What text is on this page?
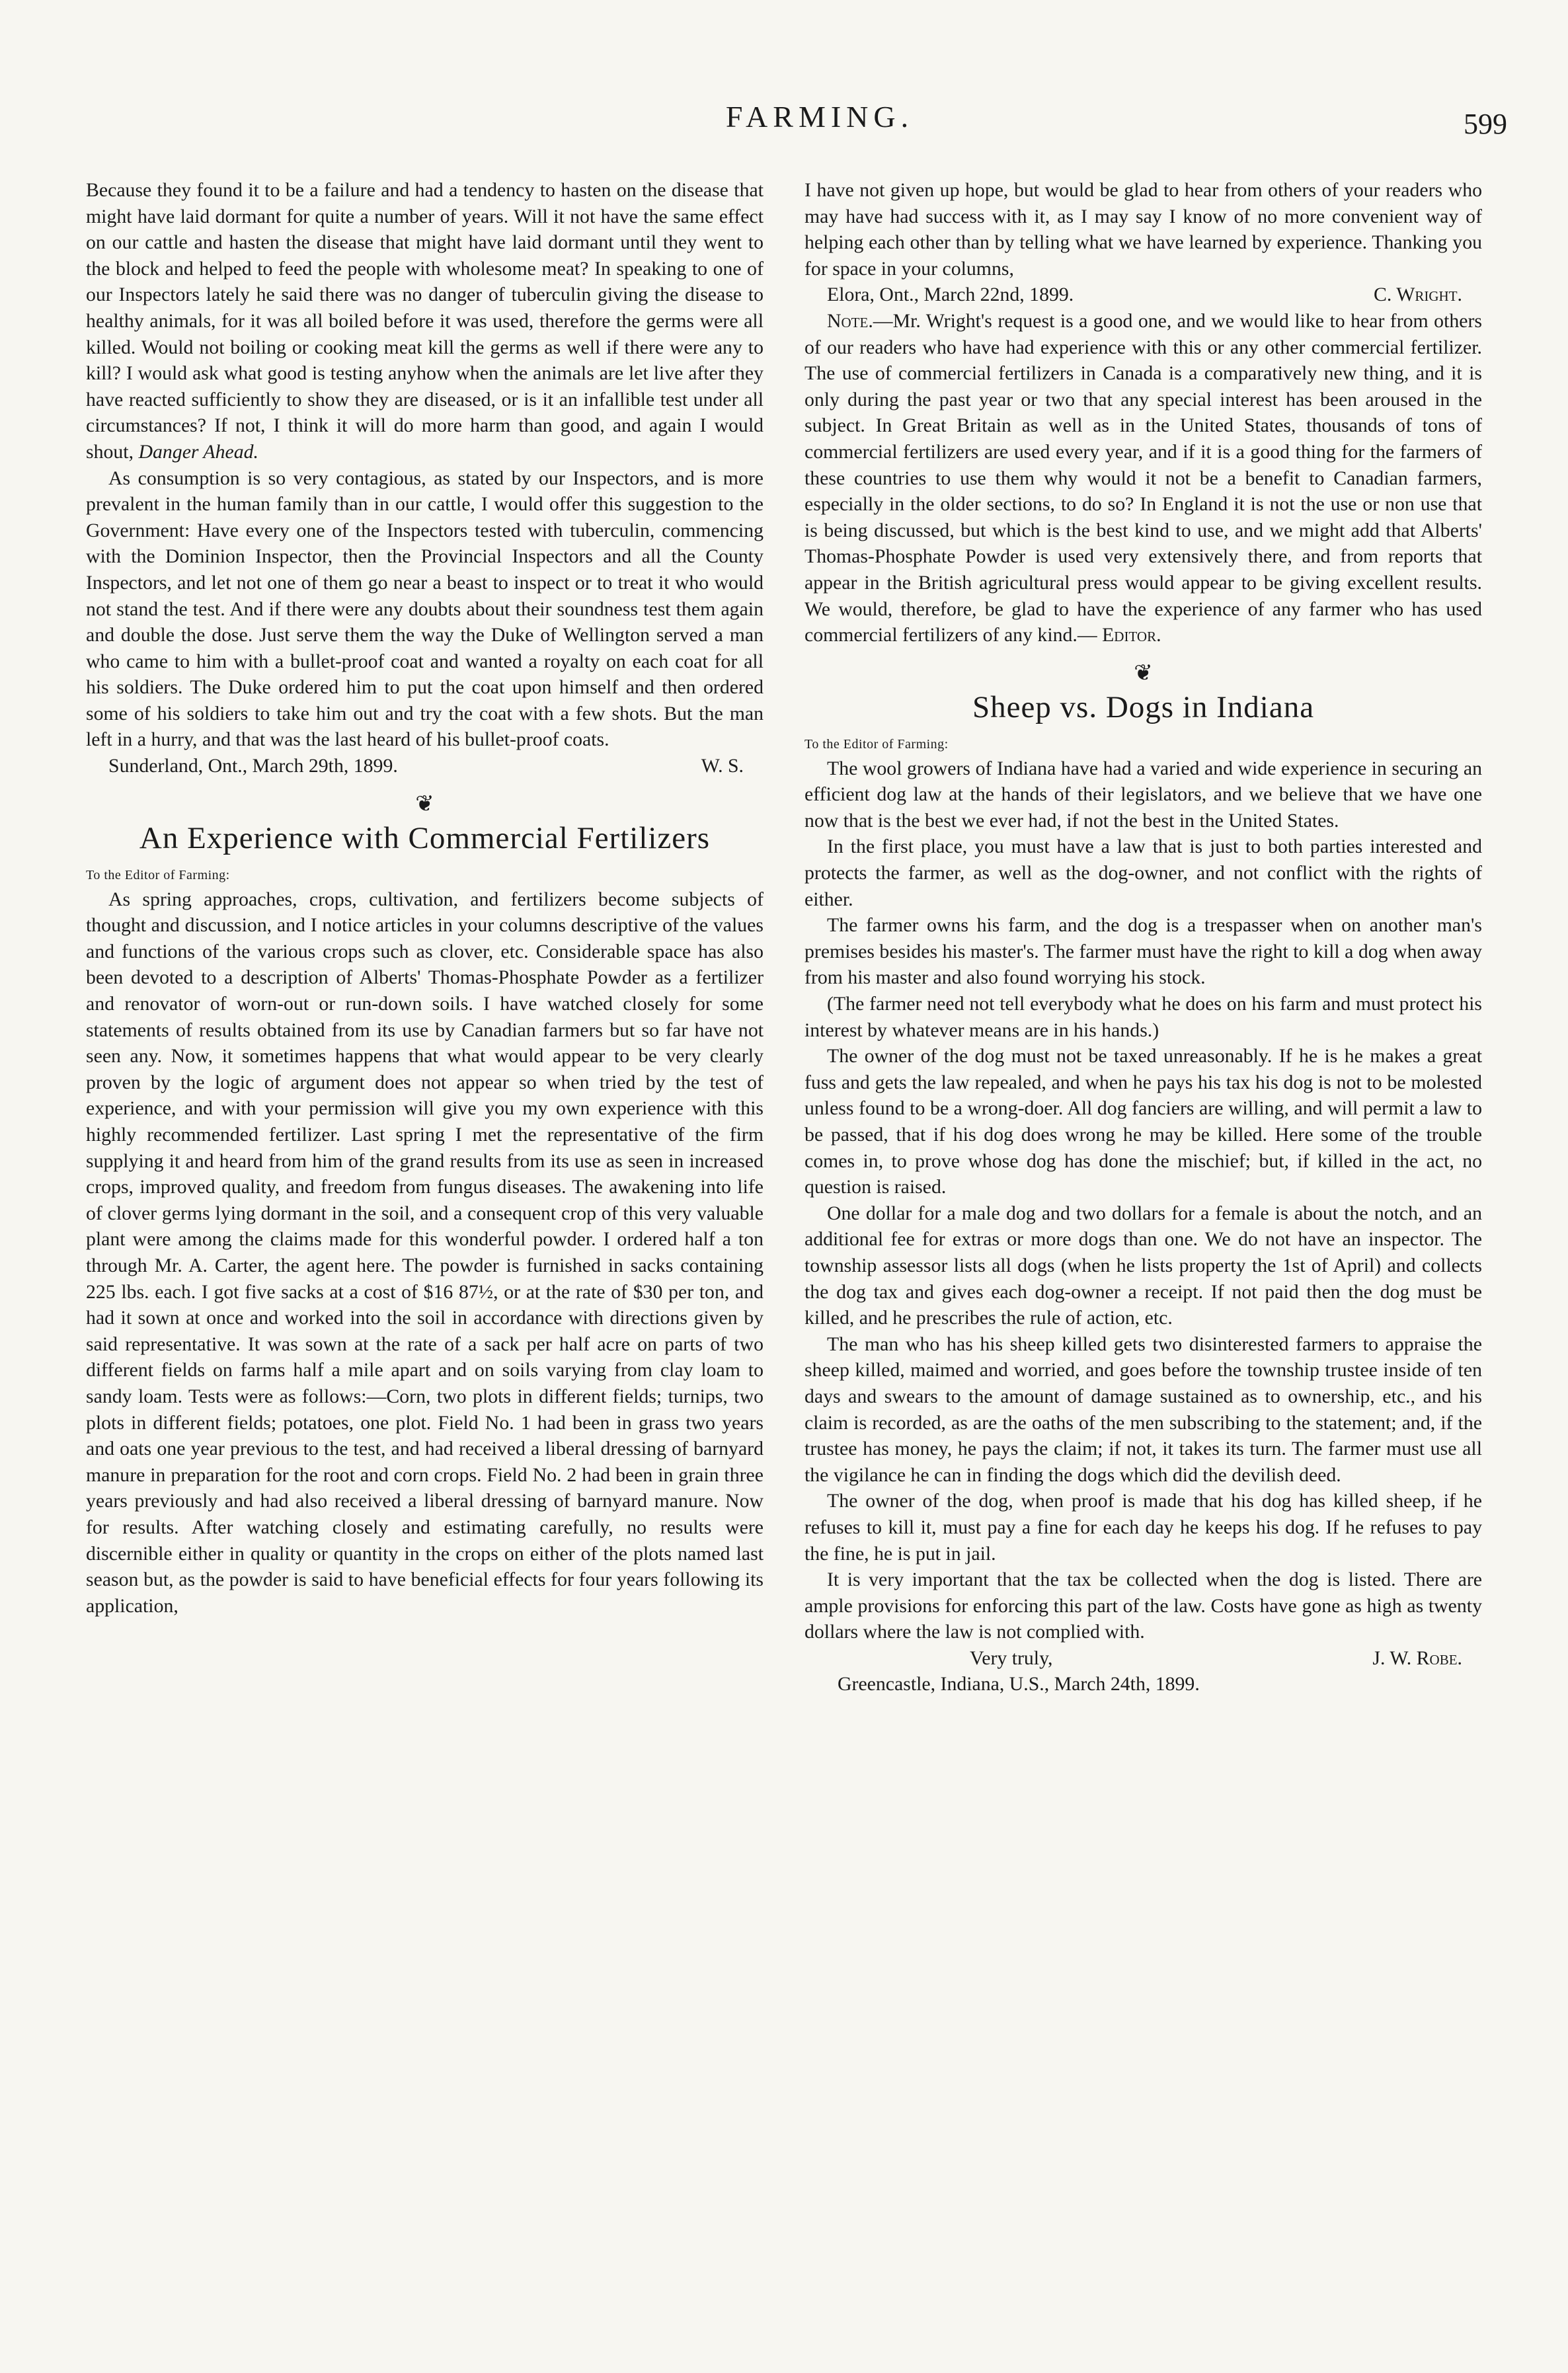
FARMING.	599

Because they found it to be a failure and had a tendency to hasten on the disease that might have laid dormant for quite a number of years. Will it not have the same effect on our cattle and hasten the disease that might have laid dormant until they went to the block and helped to feed the people with wholesome meat? In speaking to one of our Inspectors lately he said there was no danger of tuberculin giving the disease to healthy animals, for it was all boiled before it was used, therefore the germs were all killed. Would not boiling or cooking meat kill the germs as well if there were any to kill? I would ask what good is testing anyhow when the animals are let live after they have reacted sufficiently to show they are diseased, or is it an infallible test under all circumstances? If not, I think it will do more harm than good, and again I would shout, Danger Ahead.

As consumption is so very contagious, as stated by our Inspectors, and is more prevalent in the human family than in our cattle, I would offer this suggestion to the Government: Have every one of the Inspectors tested with tuberculin, commencing with the Dominion Inspector, then the Provincial Inspectors and all the County Inspectors, and let not one of them go near a beast to inspect or to treat it who would not stand the test. And if there were any doubts about their soundness test them again and double the dose. Just serve them the way the Duke of Wellington served a man who came to him with a bullet-proof coat and wanted a royalty on each coat for all his soldiers. The Duke ordered him to put the coat upon himself and then ordered some of his soldiers to take him out and try the coat with a few shots. But the man left in a hurry, and that was the last heard of his bullet-proof coats.

Sunderland, Ont., March 29th, 1899.	W. S.
❦
An Experience with Commercial Fertilizers
To the Editor of Farming:

As spring approaches, crops, cultivation, and fertilizers become subjects of thought and discussion, and I notice articles in your columns descriptive of the values and functions of the various crops such as clover, etc. Considerable space has also been devoted to a description of Alberts' Thomas-Phosphate Powder as a fertilizer and renovator of worn-out or run-down soils. I have watched closely for some statements of results obtained from its use by Canadian farmers but so far have not seen any. Now, it sometimes happens that what would appear to be very clearly proven by the logic of argument does not appear so when tried by the test of experience, and with your permission will give you my own experience with this highly recommended fertilizer. Last spring I met the representative of the firm supplying it and heard from him of the grand results from its use as seen in increased crops, improved quality, and freedom from fungus diseases. The awakening into life of clover germs lying dormant in the soil, and a consequent crop of this very valuable plant were among the claims made for this wonderful powder. I ordered half a ton through Mr. A. Carter, the agent here. The powder is furnished in sacks containing 225 lbs. each. I got five sacks at a cost of $16 87½, or at the rate of $30 per ton, and had it sown at once and worked into the soil in accordance with directions given by said representative. It was sown at the rate of a sack per half acre on parts of two different fields on farms half a mile apart and on soils varying from clay loam to sandy loam. Tests were as follows:—Corn, two plots in different fields; turnips, two plots in different fields; potatoes, one plot. Field No. 1 had been in grass two years and oats one year previous to the test, and had received a liberal dressing of barnyard manure in preparation for the root and corn crops. Field No. 2 had been in grain three years previously and had also received a liberal dressing of barnyard manure. Now for results. After watching closely and estimating carefully, no results were discernible either in quality or quantity in the crops on either of the plots named last season but, as the powder is said to have beneficial effects for four years following its application,

I have not given up hope, but would be glad to hear from others of your readers who may have had success with it, as I may say I know of no more convenient way of helping each other than by telling what we have learned by experience. Thanking you for space in your columns,

Elora, Ont., March 22nd, 1899.	C. Wright.

Note.—Mr. Wright's request is a good one, and we would like to hear from others of our readers who have had experience with this or any other commercial fertilizer. The use of commercial fertilizers in Canada is a comparatively new thing, and it is only during the past year or two that any special interest has been aroused in the subject. In Great Britain as well as in the United States, thousands of tons of commercial fertilizers are used every year, and if it is a good thing for the farmers of these countries to use them why would it not be a benefit to Canadian farmers, especially in the older sections, to do so? In England it is not the use or non use that is being discussed, but which is the best kind to use, and we might add that Alberts' Thomas-Phosphate Powder is used very extensively there, and from reports that appear in the British agricultural press would appear to be giving excellent results. We would, therefore, be glad to have the experience of any farmer who has used commercial fertilizers of any kind.— Editor.

❦
Sheep vs. Dogs in Indiana
To the Editor of Farming:

The wool growers of Indiana have had a varied and wide experience in securing an efficient dog law at the hands of their legislators, and we believe that we have one now that is the best we ever had, if not the best in the United States.

In the first place, you must have a law that is just to both parties interested and protects the farmer, as well as the dog-owner, and not conflict with the rights of either.

The farmer owns his farm, and the dog is a trespasser when on another man's premises besides his master's. The farmer must have the right to kill a dog when away from his master and also found worrying his stock.

(The farmer need not tell everybody what he does on his farm and must protect his interest by whatever means are in his hands.)

The owner of the dog must not be taxed unreasonably. If he is he makes a great fuss and gets the law repealed, and when he pays his tax his dog is not to be molested unless found to be a wrong-doer. All dog fanciers are willing, and will permit a law to be passed, that if his dog does wrong he may be killed. Here some of the trouble comes in, to prove whose dog has done the mischief; but, if killed in the act, no question is raised.

One dollar for a male dog and two dollars for a female is about the notch, and an additional fee for extras or more dogs than one. We do not have an inspector. The township assessor lists all dogs (when he lists property the 1st of April) and collects the dog tax and gives each dog-owner a receipt. If not paid then the dog must be killed, and he prescribes the rule of action, etc.

The man who has his sheep killed gets two disinterested farmers to appraise the sheep killed, maimed and worried, and goes before the township trustee inside of ten days and swears to the amount of damage sustained as to ownership, etc., and his claim is recorded, as are the oaths of the men subscribing to the statement; and, if the trustee has money, he pays the claim; if not, it takes its turn. The farmer must use all the vigilance he can in finding the dogs which did the devilish deed.

The owner of the dog, when proof is made that his dog has killed sheep, if he refuses to kill it, must pay a fine for each day he keeps his dog. If he refuses to pay the fine, he is put in jail.

It is very important that the tax be collected when the dog is listed. There are ample provisions for enforcing this part of the law. Costs have gone as high as twenty dollars where the law is not complied with.

Very truly,	J. W. Robe.
Greencastle, Indiana, U.S., March 24th, 1899.
